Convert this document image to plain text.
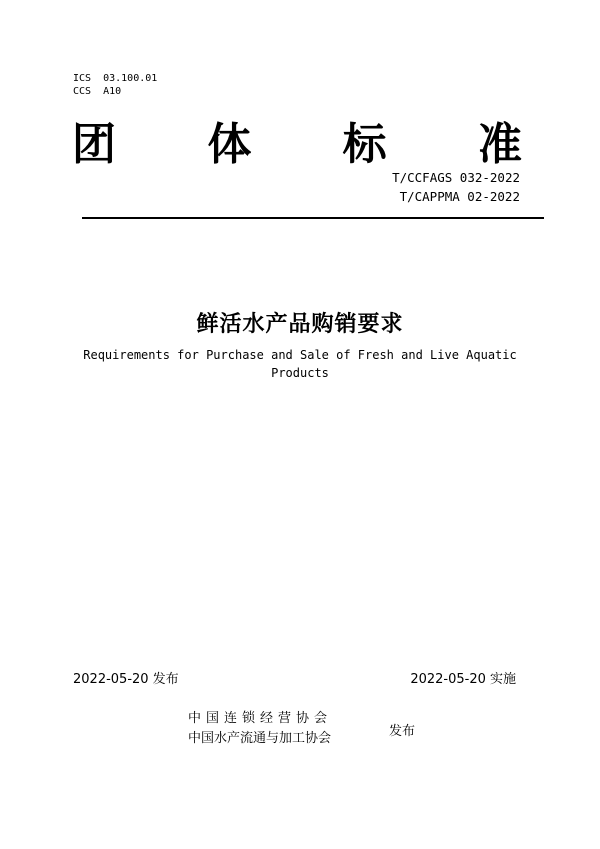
ICS  03.100.01
CCS  A10
团 体 标 准
T/CCFAGS 032-2022
T/CAPPMA 02-2022
鲜活水产品购销要求
Requirements for Purchase and Sale of Fresh and Live Aquatic
Products
2022-05-20 发布	2022-05-20 实施
中国连锁经营协会
中国水产流通与加工协会	发布
